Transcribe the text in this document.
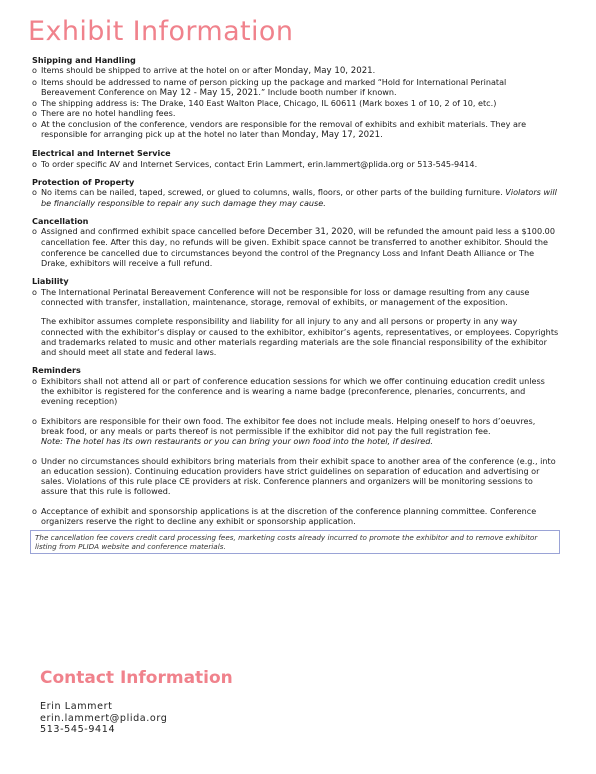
Exhibit Information

Shipping and Handling

o Items should be shipped to arrive at the hotel on or after Monday, May 10, 2021.

o Items should be addressed to name of person picking up the package and marked “Hold for International Perinatal Bereavement Conference on May 12 - May 15, 2021.” Include booth number if known.

o The shipping address is: The Drake, 140 East Walton Place, Chicago, IL 60611 (Mark boxes 1 of 10, 2 of 10, etc.)

o There are no hotel handling fees.

o At the conclusion of the conference, vendors are responsible for the removal of exhibits and exhibit materials. They are responsible for arranging pick up at the hotel no later than Monday, May 17, 2021.

Electrical and Internet Service

o To order specific AV and Internet Services, contact Erin Lammert, erin.lammert@plida.org or 513-545-9414.

Protection of Property

o No items can be nailed, taped, screwed, or glued to columns, walls, floors, or other parts of the building furniture. Violators will be financially responsible to repair any such damage they may cause.

Cancellation

o Assigned and confirmed exhibit space cancelled before December 31, 2020, will be refunded the amount paid less a $100.00 cancellation fee. After this day, no refunds will be given. Exhibit space cannot be transferred to another exhibitor. Should the conference be cancelled due to circumstances beyond the control of the Pregnancy Loss and Infant Death Alliance or The Drake, exhibitors will receive a full refund.

Liability

o The International Perinatal Bereavement Conference will not be responsible for loss or damage resulting from any cause connected with transfer, installation, maintenance, storage, removal of exhibits, or management of the exposition.

The exhibitor assumes complete responsibility and liability for all injury to any and all persons or property in any way connected with the exhibitor’s display or caused to the exhibitor, exhibitor’s agents, representatives, or employees. Copyrights and trademarks related to music and other materials regarding materials are the sole financial responsibility of the exhibitor and should meet all state and federal laws.

Reminders

o Exhibitors shall not attend all or part of conference education sessions for which we offer continuing education credit unless the exhibitor is registered for the conference and is wearing a name badge (preconference, plenaries, concurrents, and evening reception)

o Exhibitors are responsible for their own food. The exhibitor fee does not include meals. Helping oneself to hors d’oeuvres, break food, or any meals or parts thereof is not permissible if the exhibitor did not pay the full registration fee.

Note: The hotel has its own restaurants or you can bring your own food into the hotel, if desired.

o Under no circumstances should exhibitors bring materials from their exhibit space to another area of the conference (e.g., into an education session). Continuing education providers have strict guidelines on separation of education and advertising or sales. Violations of this rule place CE providers at risk. Conference planners and organizers will be monitoring sessions to assure that this rule is followed.

o Acceptance of exhibit and sponsorship applications is at the discretion of the conference planning committee. Conference organizers reserve the right to decline any exhibit or sponsorship application.

The cancellation fee covers credit card processing fees, marketing costs already incurred to promote the exhibitor and to remove exhibitor listing from PLIDA website and conference materials.
Contact Information
Erin Lammert
erin.lammert@plida.org
513-545-9414
